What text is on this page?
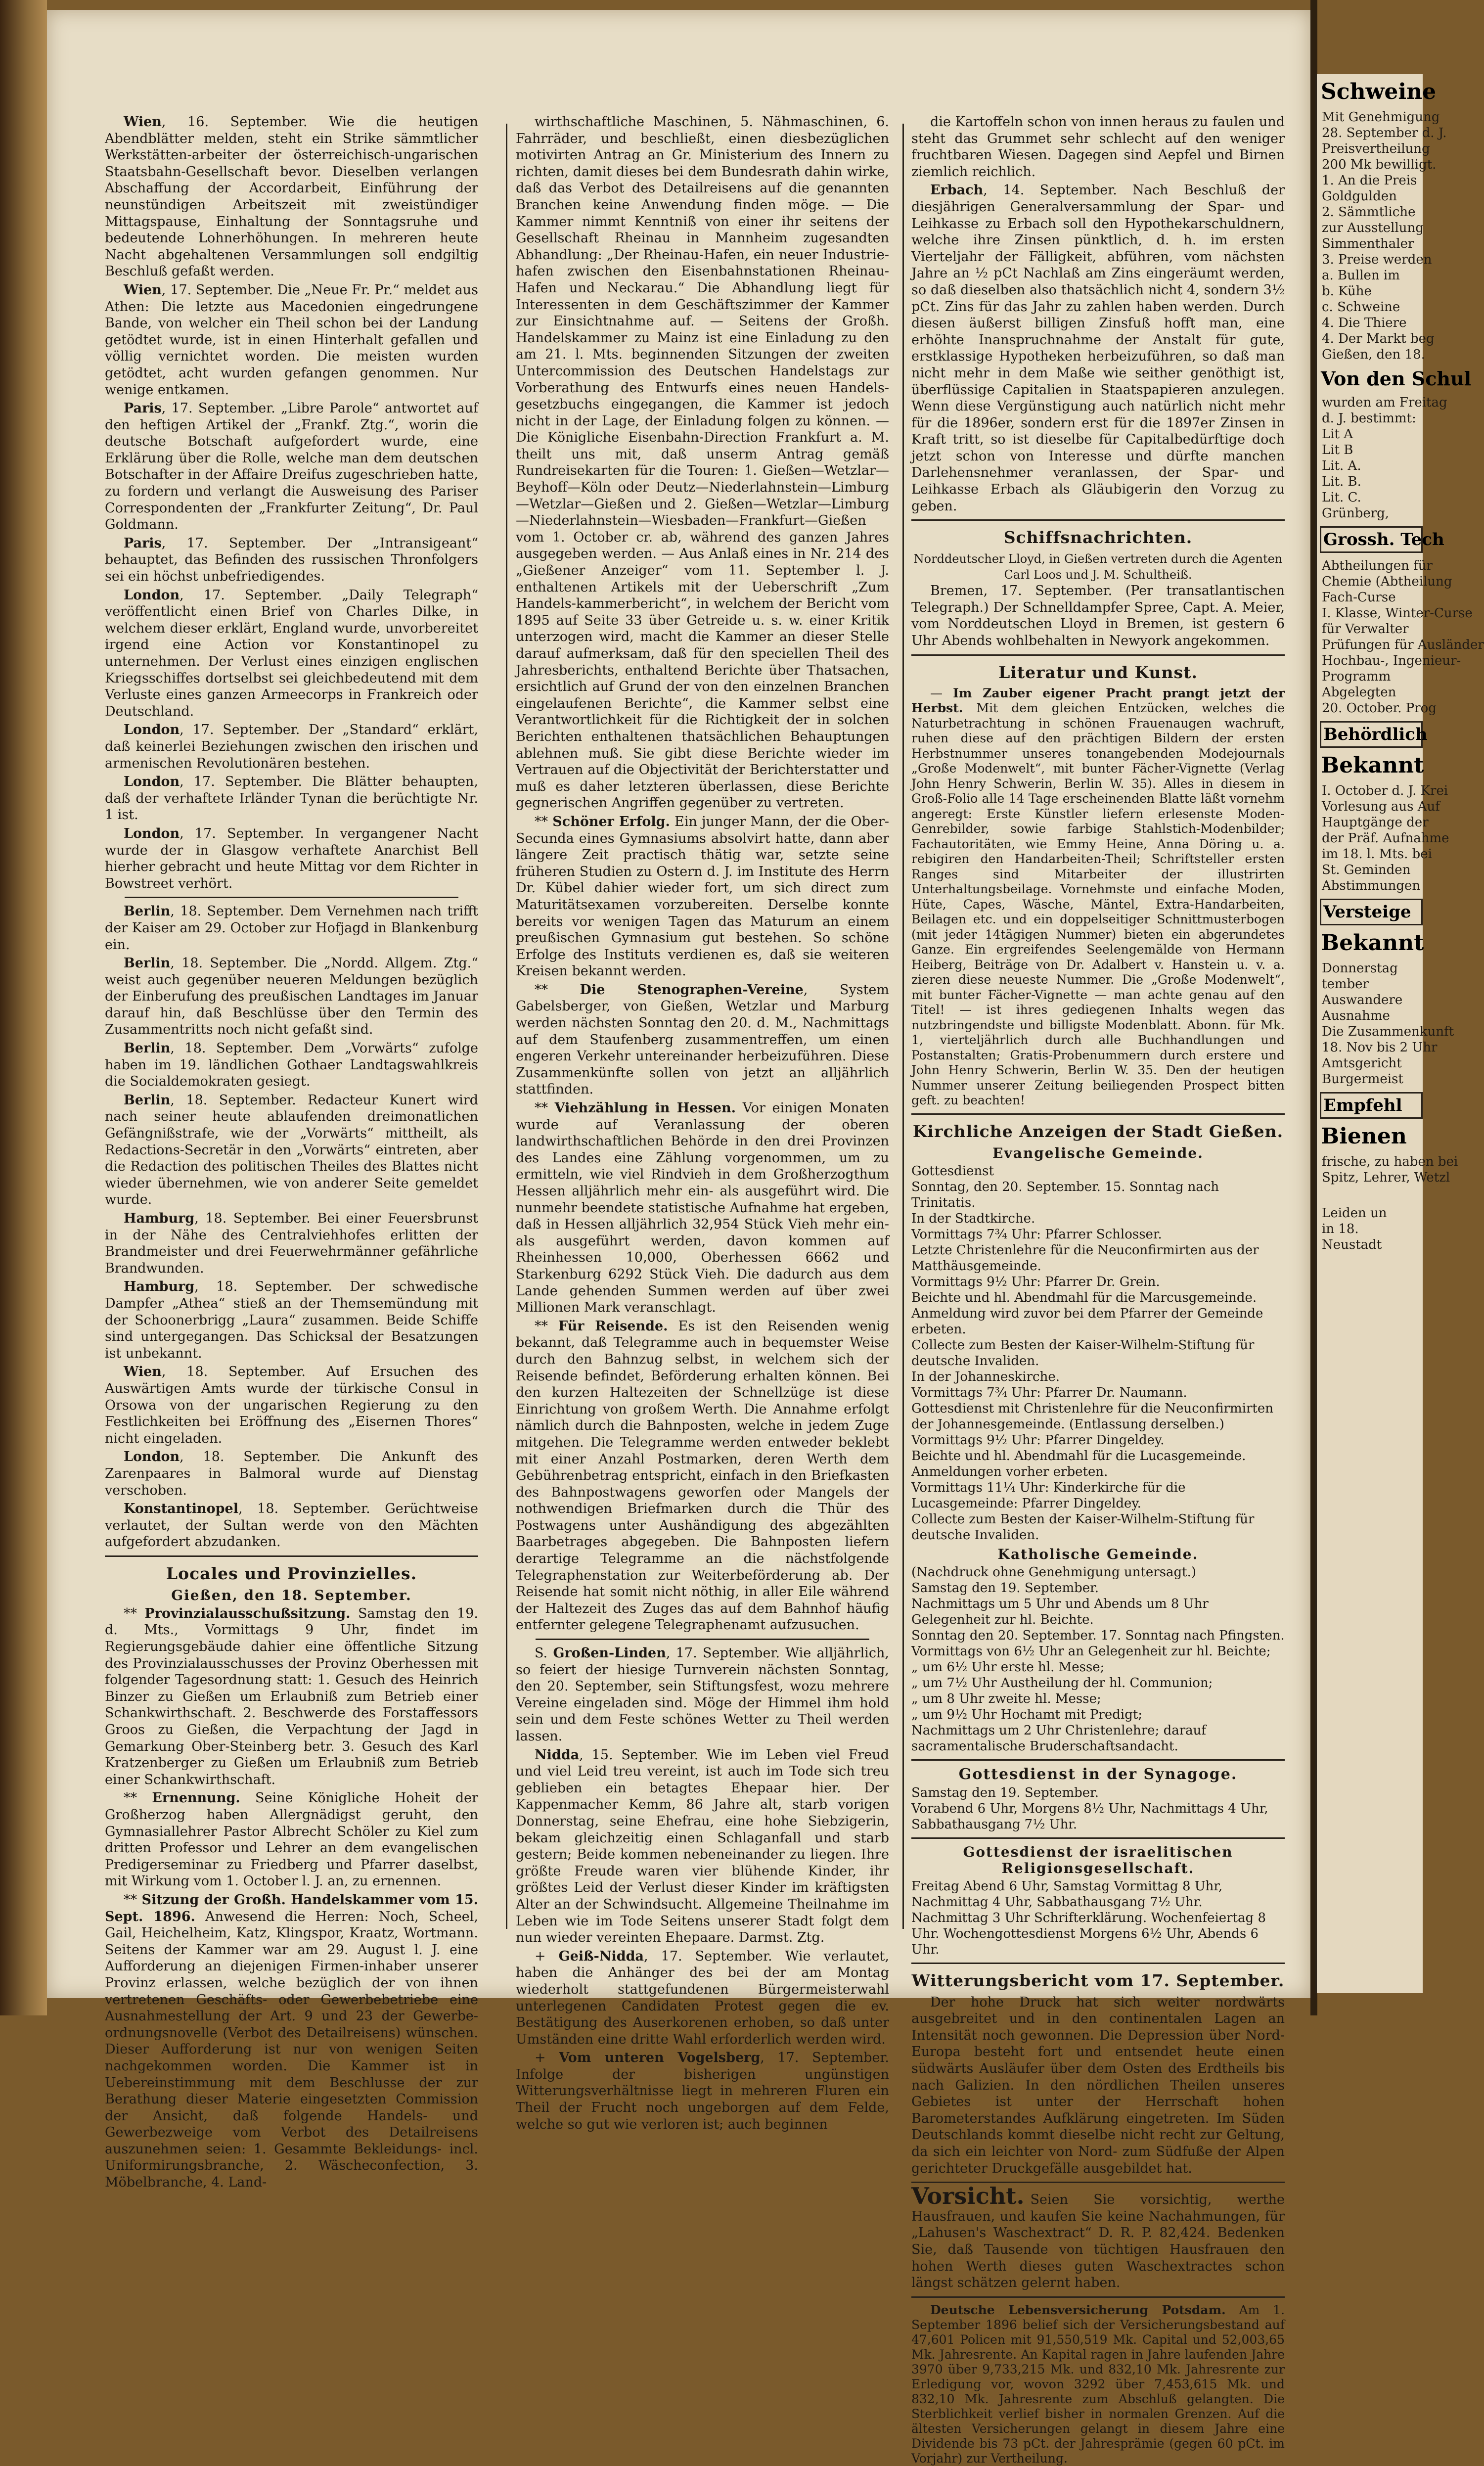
Wien, 16. September. Wie die heutigen Abendblätter melden, steht ein Strike sämmtlicher Werkstätten-arbeiter der österreichisch-ungarischen Staatsbahn-Gesellschaft bevor. Dieselben verlangen Abschaffung der Accordarbeit, Einführung der neunstündigen Arbeitszeit mit zweistündiger Mittagspause, Einhaltung der Sonntagsruhe und bedeutende Lohnerhöhungen. In mehreren heute Nacht abgehaltenen Versammlungen soll endgiltig Beschluß gefaßt werden.

Wien, 17. September. Die „Neue Fr. Pr.“ meldet aus Athen: Die letzte aus Macedonien eingedrungene Bande, von welcher ein Theil schon bei der Landung getödtet wurde, ist in einen Hinterhalt gefallen und völlig vernichtet worden. Die meisten wurden getödtet, acht wurden gefangen genommen. Nur wenige entkamen.

Paris, 17. September. „Libre Parole“ antwortet auf den heftigen Artikel der „Frankf. Ztg.“, worin die deutsche Botschaft aufgefordert wurde, eine Erklärung über die Rolle, welche man dem deutschen Botschafter in der Affaire Dreifus zugeschrieben hatte, zu fordern und verlangt die Ausweisung des Pariser Correspondenten der „Frankfurter Zeitung“, Dr. Paul Goldmann.

Paris, 17. September. Der „Intransigeant“ behauptet, das Befinden des russischen Thronfolgers sei ein höchst unbefriedigendes.

London, 17. September. „Daily Telegraph“ veröffentlicht einen Brief von Charles Dilke, in welchem dieser erklärt, England wurde, unvorbereitet irgend eine Action vor Konstantinopel zu unternehmen. Der Verlust eines einzigen englischen Kriegsschiffes dortselbst sei gleichbedeutend mit dem Verluste eines ganzen Armeecorps in Frankreich oder Deutschland.

London, 17. September. Der „Standard“ erklärt, daß keinerlei Beziehungen zwischen den irischen und armenischen Revolutionären bestehen.

London, 17. September. Die Blätter behaupten, daß der verhaftete Irländer Tynan die berüchtigte Nr. 1 ist.

London, 17. September. In vergangener Nacht wurde der in Glasgow verhaftete Anarchist Bell hierher gebracht und heute Mittag vor dem Richter in Bowstreet verhört.

Berlin, 18. September. Dem Vernehmen nach trifft der Kaiser am 29. October zur Hofjagd in Blankenburg ein.

Berlin, 18. September. Die „Nordd. Allgem. Ztg.“ weist auch gegenüber neueren Meldungen bezüglich der Einberufung des preußischen Landtages im Januar darauf hin, daß Beschlüsse über den Termin des Zusammentritts noch nicht gefaßt sind.

Berlin, 18. September. Dem „Vorwärts“ zufolge haben im 19. ländlichen Gothaer Landtagswahlkreis die Socialdemokraten gesiegt.

Berlin, 18. September. Redacteur Kunert wird nach seiner heute ablaufenden dreimonatlichen Gefängnißstrafe, wie der „Vorwärts“ mittheilt, als Redactions-Secretär in den „Vorwärts“ eintreten, aber die Redaction des politischen Theiles des Blattes nicht wieder übernehmen, wie von anderer Seite gemeldet wurde.

Hamburg, 18. September. Bei einer Feuersbrunst in der Nähe des Centralviehhofes erlitten der Brandmeister und drei Feuerwehrmänner gefährliche Brandwunden.

Hamburg, 18. September. Der schwedische Dampfer „Athea“ stieß an der Themsemündung mit der Schoonerbrigg „Laura“ zusammen. Beide Schiffe sind untergegangen. Das Schicksal der Besatzungen ist unbekannt.

Wien, 18. September. Auf Ersuchen des Auswärtigen Amts wurde der türkische Consul in Orsowa von der ungarischen Regierung zu den Festlichkeiten bei Eröffnung des „Eisernen Thores“ nicht eingeladen.

London, 18. September. Die Ankunft des Zarenpaares in Balmoral wurde auf Dienstag verschoben.

Konstantinopel, 18. September. Gerüchtweise verlautet, der Sultan werde von den Mächten aufgefordert abzudanken.

Locales und Provinzielles.
Gießen, den 18. September.

** Provinzialausschußsitzung. Samstag den 19. d. Mts., Vormittags 9 Uhr, findet im Regierungsgebäude dahier eine öffentliche Sitzung des Provinzialausschusses der Provinz Oberhessen mit folgender Tagesordnung statt: 1. Gesuch des Heinrich Binzer zu Gießen um Erlaubniß zum Betrieb einer Schankwirthschaft. 2. Beschwerde des Forstaffessors Groos zu Gießen, die Verpachtung der Jagd in Gemarkung Ober-Steinberg betr. 3. Gesuch des Karl Kratzenberger zu Gießen um Erlaubniß zum Betrieb einer Schankwirthschaft.

** Ernennung. Seine Königliche Hoheit der Großherzog haben Allergnädigst geruht, den Gymnasiallehrer Pastor Albrecht Schöler zu Kiel zum dritten Professor und Lehrer an dem evangelischen Predigerseminar zu Friedberg und Pfarrer daselbst, mit Wirkung vom 1. October l. J. an, zu ernennen.

** Sitzung der Großh. Handelskammer vom 15. Sept. 1896. Anwesend die Herren: Noch, Scheel, Gail, Heichelheim, Katz, Klingspor, Kraatz, Wortmann. Seitens der Kammer war am 29. August l. J. eine Aufforderung an diejenigen Firmen-inhaber unserer Provinz erlassen, welche bezüglich der von ihnen vertretenen Geschäfts- oder Gewerbebetriebe eine Ausnahmestellung der Art. 9 und 23 der Gewerbe-ordnungsnovelle (Verbot des Detailreisens) wünschen. Dieser Aufforderung ist nur von wenigen Seiten nachgekommen worden. Die Kammer ist in Uebereinstimmung mit dem Beschlusse der zur Berathung dieser Materie eingesetzten Commission der Ansicht, daß folgende Handels- und Gewerbezweige vom Verbot des Detailreisens auszunehmen seien: 1. Gesammte Bekleidungs- incl. Uniformirungsbranche, 2. Wäscheconfection, 3. Möbelbranche, 4. Land-

wirthschaftliche Maschinen, 5. Nähmaschinen, 6. Fahrräder, und beschließt, einen diesbezüglichen motivirten Antrag an Gr. Ministerium des Innern zu richten, damit dieses bei dem Bundesrath dahin wirke, daß das Verbot des Detailreisens auf die genannten Branchen keine Anwendung finden möge. — Die Kammer nimmt Kenntniß von einer ihr seitens der Gesellschaft Rheinau in Mannheim zugesandten Abhandlung: „Der Rheinau-Hafen, ein neuer Industrie-hafen zwischen den Eisenbahnstationen Rheinau-Hafen und Neckarau.“ Die Abhandlung liegt für Interessenten in dem Geschäftszimmer der Kammer zur Einsichtnahme auf. — Seitens der Großh. Handelskammer zu Mainz ist eine Einladung zu den am 21. l. Mts. beginnenden Sitzungen der zweiten Untercommission des Deutschen Handelstags zur Vorberathung des Entwurfs eines neuen Handels-gesetzbuchs eingegangen, die Kammer ist jedoch nicht in der Lage, der Einladung folgen zu können. — Die Königliche Eisenbahn-Direction Frankfurt a. M. theilt uns mit, daß unserm Antrag gemäß Rundreisekarten für die Touren: 1. Gießen—Wetzlar—Beyhoff—Köln oder Deutz—Niederlahnstein—Limburg—Wetzlar—Gießen und 2. Gießen—Wetzlar—Limburg—Niederlahnstein—Wiesbaden—Frankfurt—Gießen vom 1. October cr. ab, während des ganzen Jahres ausgegeben werden. — Aus Anlaß eines in Nr. 214 des „Gießener Anzeiger“ vom 11. September l. J. enthaltenen Artikels mit der Ueberschrift „Zum Handels-kammerbericht“, in welchem der Bericht vom 1895 auf Seite 33 über Getreide u. s. w. einer Kritik unterzogen wird, macht die Kammer an dieser Stelle darauf aufmerksam, daß für den speciellen Theil des Jahresberichts, enthaltend Berichte über Thatsachen, ersichtlich auf Grund der von den einzelnen Branchen eingelaufenen Berichte“, die Kammer selbst eine Verantwortlichkeit für die Richtigkeit der in solchen Berichten enthaltenen thatsächlichen Behauptungen ablehnen muß. Sie gibt diese Berichte wieder im Vertrauen auf die Objectivität der Berichterstatter und muß es daher letzteren überlassen, diese Berichte gegnerischen Angriffen gegenüber zu vertreten.

** Schöner Erfolg. Ein junger Mann, der die Ober-Secunda eines Gymnasiums absolvirt hatte, dann aber längere Zeit practisch thätig war, setzte seine früheren Studien zu Ostern d. J. im Institute des Herrn Dr. Kübel dahier wieder fort, um sich direct zum Maturitätsexamen vorzubereiten. Derselbe konnte bereits vor wenigen Tagen das Maturum an einem preußischen Gymnasium gut bestehen. So schöne Erfolge des Instituts verdienen es, daß sie weiteren Kreisen bekannt werden.

** Die Stenographen-Vereine, System Gabelsberger, von Gießen, Wetzlar und Marburg werden nächsten Sonntag den 20. d. M., Nachmittags auf dem Staufenberg zusammentreffen, um einen engeren Verkehr untereinander herbeizuführen. Diese Zusammenkünfte sollen von jetzt an alljährlich stattfinden.

** Viehzählung in Hessen. Vor einigen Monaten wurde auf Veranlassung der oberen landwirthschaftlichen Behörde in den drei Provinzen des Landes eine Zählung vorgenommen, um zu ermitteln, wie viel Rindvieh in dem Großherzogthum Hessen alljährlich mehr ein- als ausgeführt wird. Die nunmehr beendete statistische Aufnahme hat ergeben, daß in Hessen alljährlich 32,954 Stück Vieh mehr ein- als ausgeführt werden, davon kommen auf Rheinhessen 10,000, Oberhessen 6662 und Starkenburg 6292 Stück Vieh. Die dadurch aus dem Lande gehenden Summen werden auf über zwei Millionen Mark veranschlagt.

** Für Reisende. Es ist den Reisenden wenig bekannt, daß Telegramme auch in bequemster Weise durch den Bahnzug selbst, in welchem sich der Reisende befindet, Beförderung erhalten können. Bei den kurzen Haltezeiten der Schnellzüge ist diese Einrichtung von großem Werth. Die Annahme erfolgt nämlich durch die Bahnposten, welche in jedem Zuge mitgehen. Die Telegramme werden entweder beklebt mit einer Anzahl Postmarken, deren Werth dem Gebührenbetrag entspricht, einfach in den Briefkasten des Bahnpostwagens geworfen oder Mangels der nothwendigen Briefmarken durch die Thür des Postwagens unter Aushändigung des abgezählten Baarbetrages abgegeben. Die Bahnposten liefern derartige Telegramme an die nächstfolgende Telegraphenstation zur Weiterbeförderung ab. Der Reisende hat somit nicht nöthig, in aller Eile während der Haltezeit des Zuges das auf dem Bahnhof häufig entfernter gelegene Telegraphenamt aufzusuchen.

S. Großen-Linden, 17. September. Wie alljährlich, so feiert der hiesige Turnverein nächsten Sonntag, den 20. September, sein Stiftungsfest, wozu mehrere Vereine eingeladen sind. Möge der Himmel ihm hold sein und dem Feste schönes Wetter zu Theil werden lassen.

Nidda, 15. September. Wie im Leben viel Freud und viel Leid treu vereint, ist auch im Tode sich treu geblieben ein betagtes Ehepaar hier. Der Kappenmacher Kemm, 86 Jahre alt, starb vorigen Donnerstag, seine Ehefrau, eine hohe Siebzigerin, bekam gleichzeitig einen Schlaganfall und starb gestern; Beide kommen nebeneinander zu liegen. Ihre größte Freude waren vier blühende Kinder, ihr größtes Leid der Verlust dieser Kinder im kräftigsten Alter an der Schwindsucht. Allgemeine Theilnahme im Leben wie im Tode Seitens unserer Stadt folgt dem nun wieder vereinten Ehepaare. Darmst. Ztg.

+ Geiß-Nidda, 17. September. Wie verlautet, haben die Anhänger des bei der am Montag wiederholt stattgefundenen Bürgermeisterwahl unterlegenen Candidaten Protest gegen die ev. Bestätigung des Auserkorenen erhoben, so daß unter Umständen eine dritte Wahl erforderlich werden wird.

+ Vom unteren Vogelsberg, 17. September. Infolge der bisherigen ungünstigen Witterungsverhältnisse liegt in mehreren Fluren ein Theil der Frucht noch ungeborgen auf dem Felde, welche so gut wie verloren ist; auch beginnen

die Kartoffeln schon von innen heraus zu faulen und steht das Grummet sehr schlecht auf den weniger fruchtbaren Wiesen. Dagegen sind Aepfel und Birnen ziemlich reichlich.

Erbach, 14. September. Nach Beschluß der diesjährigen Generalversammlung der Spar- und Leihkasse zu Erbach soll den Hypothekarschuldnern, welche ihre Zinsen pünktlich, d. h. im ersten Vierteljahr der Fälligkeit, abführen, vom nächsten Jahre an ½ pCt Nachlaß am Zins eingeräumt werden, so daß dieselben also thatsächlich nicht 4, sondern 3½ pCt. Zins für das Jahr zu zahlen haben werden. Durch diesen äußerst billigen Zinsfuß hofft man, eine erhöhte Inanspruchnahme der Anstalt für gute, erstklassige Hypotheken herbeizuführen, so daß man nicht mehr in dem Maße wie seither genöthigt ist, überflüssige Capitalien in Staatspapieren anzulegen. Wenn diese Vergünstigung auch natürlich nicht mehr für die 1896er, sondern erst für die 1897er Zinsen in Kraft tritt, so ist dieselbe für Capitalbedürftige doch jetzt schon von Interesse und dürfte manchen Darlehensnehmer veranlassen, der Spar- und Leihkasse Erbach als Gläubigerin den Vorzug zu geben.

Schiffsnachrichten.

Norddeutscher Lloyd, in Gießen vertreten durch die Agenten Carl Loos und J. M. Schultheiß.

Bremen, 17. September. (Per transatlantischen Telegraph.) Der Schnelldampfer Spree, Capt. A. Meier, vom Norddeutschen Lloyd in Bremen, ist gestern 6 Uhr Abends wohlbehalten in Newyork angekommen.

Literatur und Kunst.

— Im Zauber eigener Pracht prangt jetzt der Herbst. Mit dem gleichen Entzücken, welches die Naturbetrachtung in schönen Frauenaugen wachruft, ruhen diese auf den prächtigen Bildern der ersten Herbstnummer unseres tonangebenden Modejournals „Große Modenwelt“, mit bunter Fächer-Vignette (Verlag John Henry Schwerin, Berlin W. 35). Alles in diesem in Groß-Folio alle 14 Tage erscheinenden Blatte läßt vornehm angeregt: Erste Künstler liefern erlesenste Moden-Genrebilder, sowie farbige Stahlstich-Modenbilder; Fachautoritäten, wie Emmy Heine, Anna Döring u. a. rebigiren den Handarbeiten-Theil; Schriftsteller ersten Ranges sind Mitarbeiter der illustrirten Unterhaltungsbeilage. Vornehmste und einfache Moden, Hüte, Capes, Wäsche, Mäntel, Extra-Handarbeiten, Beilagen etc. und ein doppelseitiger Schnittmusterbogen (mit jeder 14tägigen Nummer) bieten ein abgerundetes Ganze. Ein ergreifendes Seelengemälde von Hermann Heiberg, Beiträge von Dr. Adalbert v. Hanstein u. v. a. zieren diese neueste Nummer. Die „Große Modenwelt“, mit bunter Fächer-Vignette — man achte genau auf den Titel! — ist ihres gediegenen Inhalts wegen das nutzbringendste und billigste Modenblatt. Abonn. für Mk. 1, vierteljährlich durch alle Buchhandlungen und Postanstalten; Gratis-Probenummern durch erstere und John Henry Schwerin, Berlin W. 35. Den der heutigen Nummer unserer Zeitung beiliegenden Prospect bitten geft. zu beachten!

Kirchliche Anzeigen der Stadt Gießen.
Evangelische Gemeinde.
Gottesdienst
Sonntag, den 20. September. 15. Sonntag nach Trinitatis.
In der Stadtkirche.
Vormittags 7¾ Uhr: Pfarrer Schlosser.
Letzte Christenlehre für die Neuconfirmirten aus der Matthäusgemeinde.
Vormittags 9½ Uhr: Pfarrer Dr. Grein.
Beichte und hl. Abendmahl für die Marcusgemeinde. Anmeldung wird zuvor bei dem Pfarrer der Gemeinde erbeten.
Collecte zum Besten der Kaiser-Wilhelm-Stiftung für deutsche Invaliden.
In der Johanneskirche.
Vormittags 7¾ Uhr: Pfarrer Dr. Naumann.
Gottesdienst mit Christenlehre für die Neuconfirmirten der Johannesgemeinde. (Entlassung derselben.)
Vormittags 9½ Uhr: Pfarrer Dingeldey.
Beichte und hl. Abendmahl für die Lucasgemeinde. Anmeldungen vorher erbeten.
Vormittags 11¼ Uhr: Kinderkirche für die Lucasgemeinde: Pfarrer Dingeldey.
Collecte zum Besten der Kaiser-Wilhelm-Stiftung für deutsche Invaliden.
Katholische Gemeinde.
(Nachdruck ohne Genehmigung untersagt.)
Samstag den 19. September.
Nachmittags um 5 Uhr und Abends um 8 Uhr Gelegenheit zur hl. Beichte.
Sonntag den 20. September. 17. Sonntag nach Pfingsten.
Vormittags von 6½ Uhr an Gelegenheit zur hl. Beichte;
„ um 6½ Uhr erste hl. Messe;
„ um 7½ Uhr Austheilung der hl. Communion;
„ um 8 Uhr zweite hl. Messe;
„ um 9½ Uhr Hochamt mit Predigt;
Nachmittags um 2 Uhr Christenlehre; darauf sacramentalische Bruderschaftsandacht.
Gottesdienst in der Synagoge.
Samstag den 19. September.
Vorabend 6 Uhr, Morgens 8½ Uhr, Nachmittags 4 Uhr,
Sabbathausgang 7½ Uhr.
Gottesdienst der israelitischen Religionsgesellschaft.
Freitag Abend 6 Uhr, Samstag Vormittag 8 Uhr, Nachmittag 4 Uhr, Sabbathausgang 7½ Uhr.
Nachmittag 3 Uhr Schrifterklärung. Wochenfeiertag 8 Uhr. Wochengottesdienst Morgens 6½ Uhr, Abends 6 Uhr.
Witterungsbericht vom 17. September.

Der hohe Druck hat sich weiter nordwärts ausgebreitet und in den continentalen Lagen an Intensität noch gewonnen. Die Depression über Nord-Europa besteht fort und entsendet heute einen südwärts Ausläufer über dem Osten des Erdtheils bis nach Galizien. In den nördlichen Theilen unseres Gebietes ist unter der Herrschaft hohen Barometerstandes Aufklärung eingetreten. Im Süden Deutschlands kommt dieselbe nicht recht zur Geltung, da sich ein leichter von Nord- zum Südfuße der Alpen gerichteter Druckgefälle ausgebildet hat.

Vorsicht. Seien Sie vorsichtig, werthe Hausfrauen, und kaufen Sie keine Nachahmungen, für „Lahusen's Waschextract“ D. R. P. 82,424. Bedenken Sie, daß Tausende von tüchtigen Hausfrauen den hohen Werth dieses guten Waschextractes schon längst schätzen gelernt haben.

Deutsche Lebensversicherung Potsdam. Am 1. September 1896 belief sich der Versicherungsbestand auf 47,601 Policen mit 91,550,519 Mk. Capital und 52,003,65 Mk. Jahresrente. An Kapital ragen in Jahre laufenden Jahre 3970 über 9,733,215 Mk. und 832,10 Mk. Jahresrente zur Erledigung vor, wovon 3292 über 7,453,615 Mk. und 832,10 Mk. Jahresrente zum Abschluß gelangten. Die Sterblichkeit verlief bisher in normalen Grenzen. Auf die ältesten Versicherungen gelangt in diesem Jahre eine Dividende bis 73 pCt. der Jahresprämie (gegen 60 pCt. im Vorjahr) zur Vertheilung.

Schweine
Mit Genehmigung
28. September d. J.
Preisvertheilung
200 Mk bewilligt.
1. An die Preis
Goldgulden
2. Sämmtliche
zur Ausstellung
Simmenthaler
3. Preise werden
a. Bullen im
b. Kühe
c. Schweine
4. Die Thiere
4. Der Markt beg
Gießen, den 18.
Von den Schul
wurden am Freitag
d. J. bestimmt:
Lit A
Lit B
Lit. A.
Lit. B.
Lit. C.
Grünberg,
Grossh. Tech
Abtheilungen für
Chemie (Abtheilung
Fach-Curse
I. Klasse, Winter-Curse
für Verwalter
Prüfungen für Ausländer
Hochbau-, Ingenieur-
Programm
Abgelegten
20. October. Prog
Behördlich
Bekannt
I. October d. J. Krei
Vorlesung aus Auf
Hauptgänge der
der Präf. Aufnahme
im 18. l. Mts. bei
St. Geminden
Abstimmungen
Versteige
Bekannt
Donnerstag
tember
Auswandere
Ausnahme
Die Zusammenkunft
18. Nov bis 2 Uhr
Amtsgericht
Burgermeist
Empfehl
Bienen
frische, zu haben bei
Spitz, Lehrer, Wetzl
Leiden un
in 18.
Neustadt
